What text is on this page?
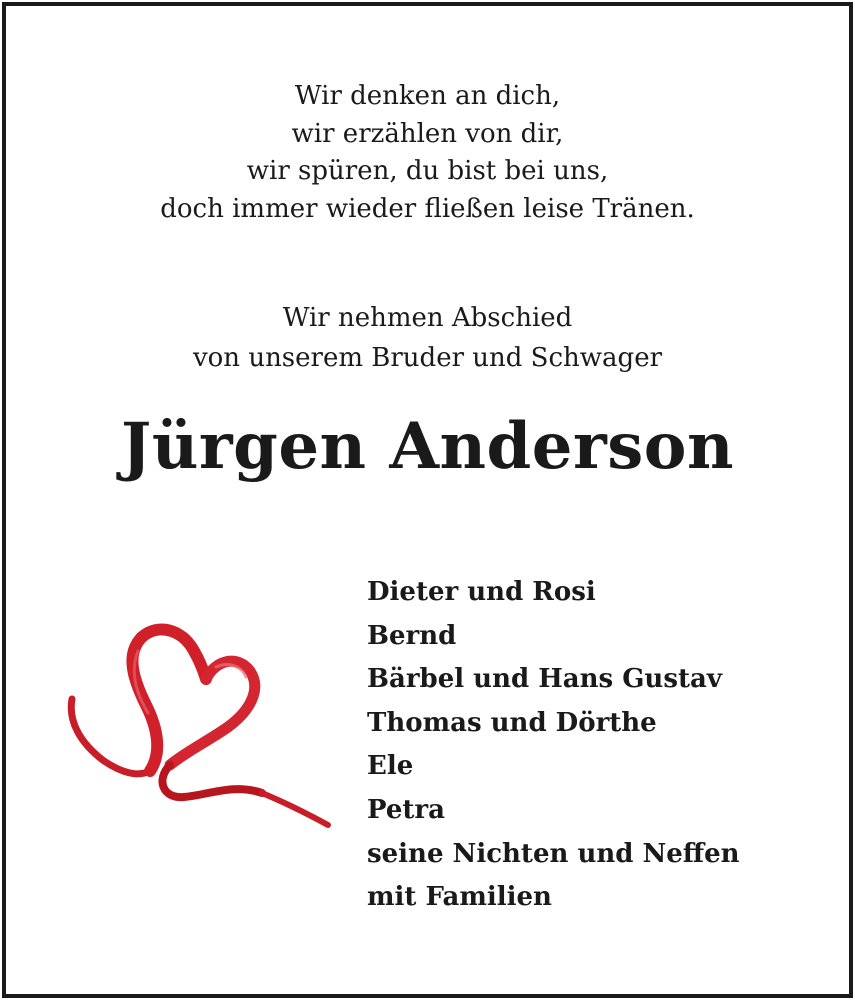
Wir denken an dich,
wir erzählen von dir,
wir spüren, du bist bei uns,
doch immer wieder fließen leise Tränen.
Wir nehmen Abschied
von unserem Bruder und Schwager
Jürgen Anderson
Dieter und Rosi
Bernd
Bärbel und Hans Gustav
Thomas und Dörthe
Ele
Petra
seine Nichten und Neffen
mit Familien
